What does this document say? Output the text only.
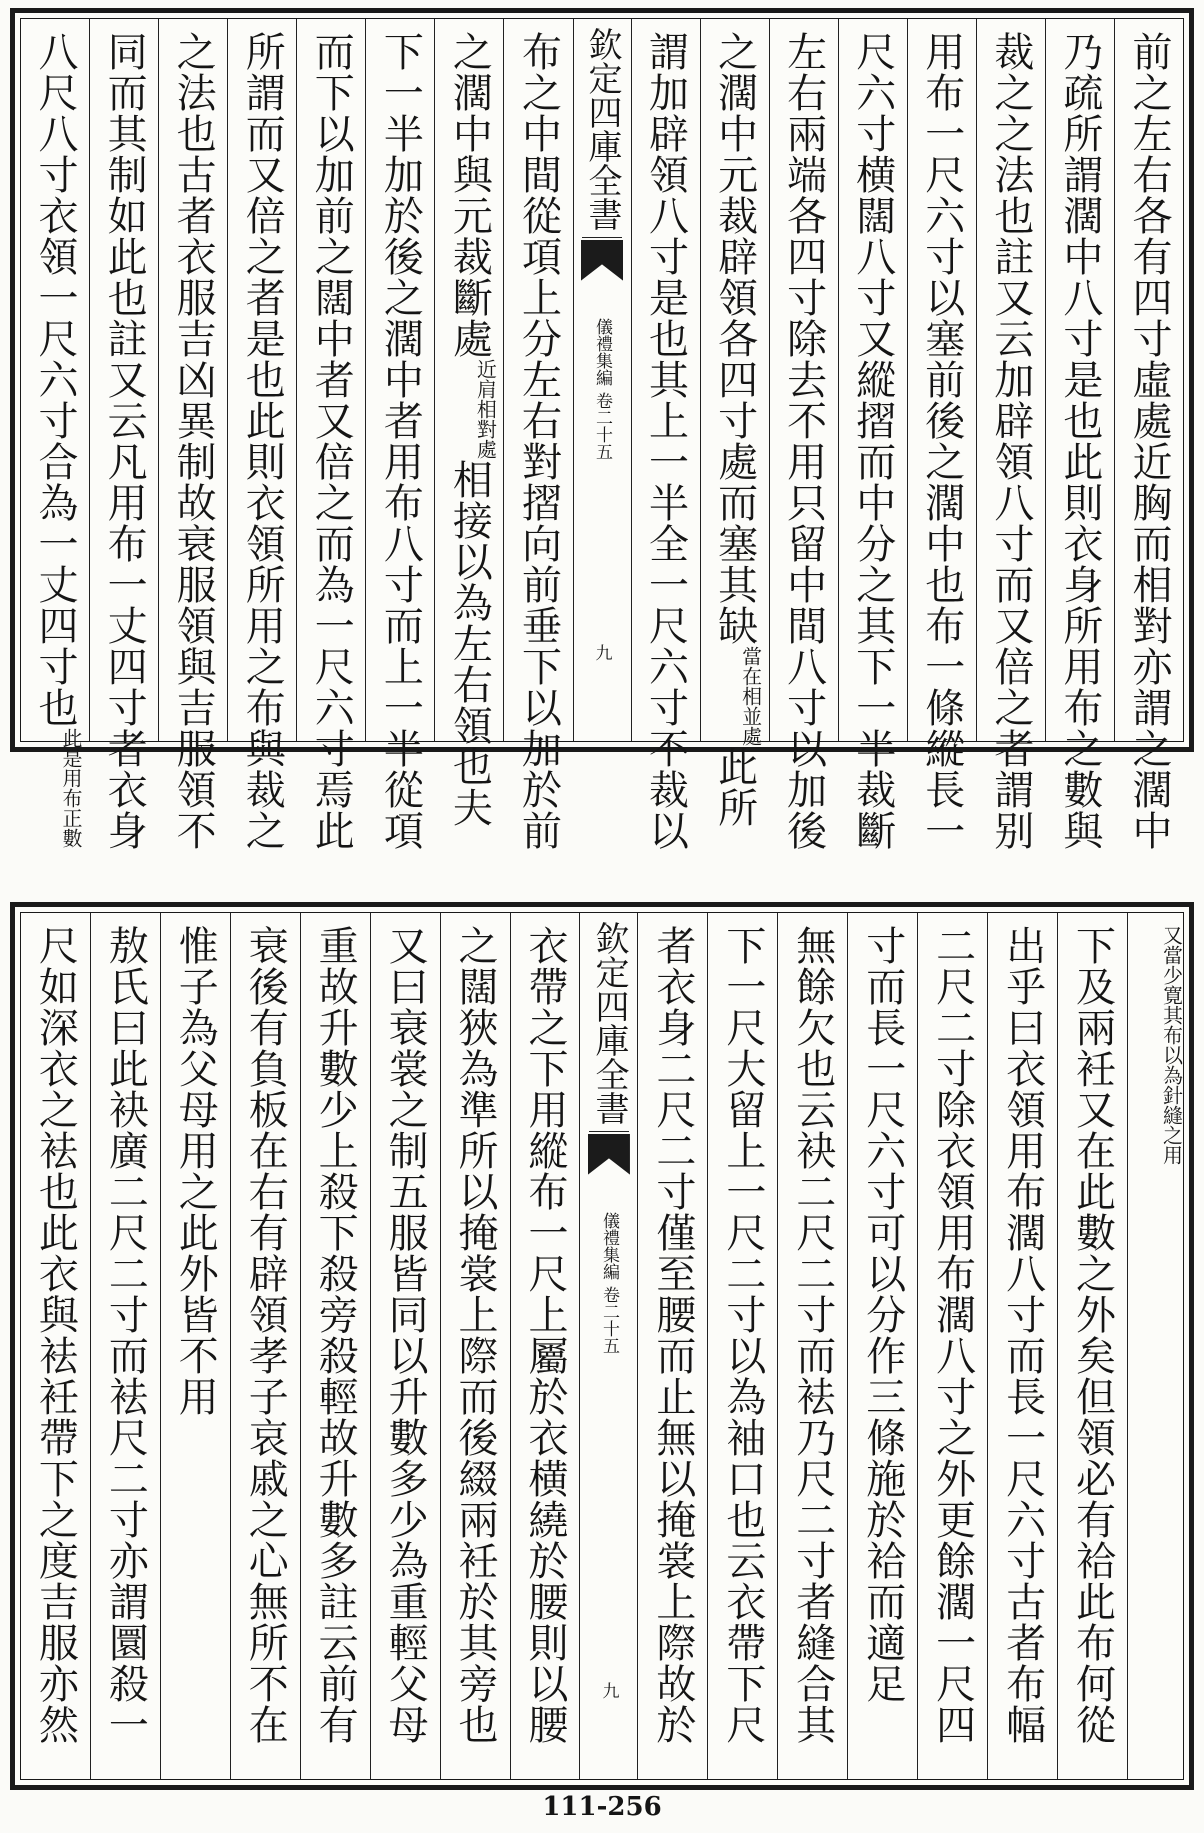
前之左右各有四寸虛處近胸而相對亦謂之濶中
乃疏所謂濶中八寸是也此則衣身所用布之數與
裁之之法也註又云加辟領八寸而又倍之者謂别
用布一尺六寸以塞前後之濶中也布一條縱長一
尺六寸横闊八寸又縱摺而中分之其下一半裁斷
左右兩端各四寸除去不用只留中間八寸以加後
之濶中元裁辟領各四寸處而塞其缺當在相並處此所
謂加辟領八寸是也其上一半全一尺六寸不裁以
欽定四庫全書
儀禮集編
卷二十五
九
布之中間從項上分左右對摺向前垂下以加於前
之濶中與元裁斷處近肩相對處相接以為左右領也夫
下一半加於後之濶中者用布八寸而上一半從項
而下以加前之闊中者又倍之而為一尺六寸焉此
所謂而又倍之者是也此則衣領所用之布與裁之
之法也古者衣服吉凶異制故衰服領與吉服領不
同而其制如此也註又云凡用布一丈四寸者衣身
八尺八寸衣領一尺六寸合為一丈四寸也此是用布正數
又當少寛其布以為針縫之用
下及兩衽又在此數之外矣但領必有袷此布何從
出乎曰衣領用布濶八寸而長一尺六寸古者布幅
二尺二寸除衣領用布濶八寸之外更餘濶一尺四
寸而長一尺六寸可以分作三條施於袷而適足
無餘欠也云袂二尺二寸而袪乃尺二寸者縫合其
下一尺大留上一尺二寸以為袖口也云衣帶下尺
者衣身二尺二寸僅至腰而止無以掩裳上際故於
欽定四庫全書
儀禮集編
卷二十五
九
衣帶之下用縱布一尺上屬於衣横繞於腰則以腰
之闊狹為準所以掩裳上際而後綴兩衽於其旁也
又曰衰裳之制五服皆同以升數多少為重輕父母
重故升數少上殺下殺旁殺輕故升數多註云前有
衰後有負板在右有辟領孝子哀戚之心無所不在
惟子為父母用之此外皆不用
敖氏曰此袂廣二尺二寸而袪尺二寸亦謂圜殺一
尺如深衣之袪也此衣與袪衽帶下之度吉服亦然
111-256
